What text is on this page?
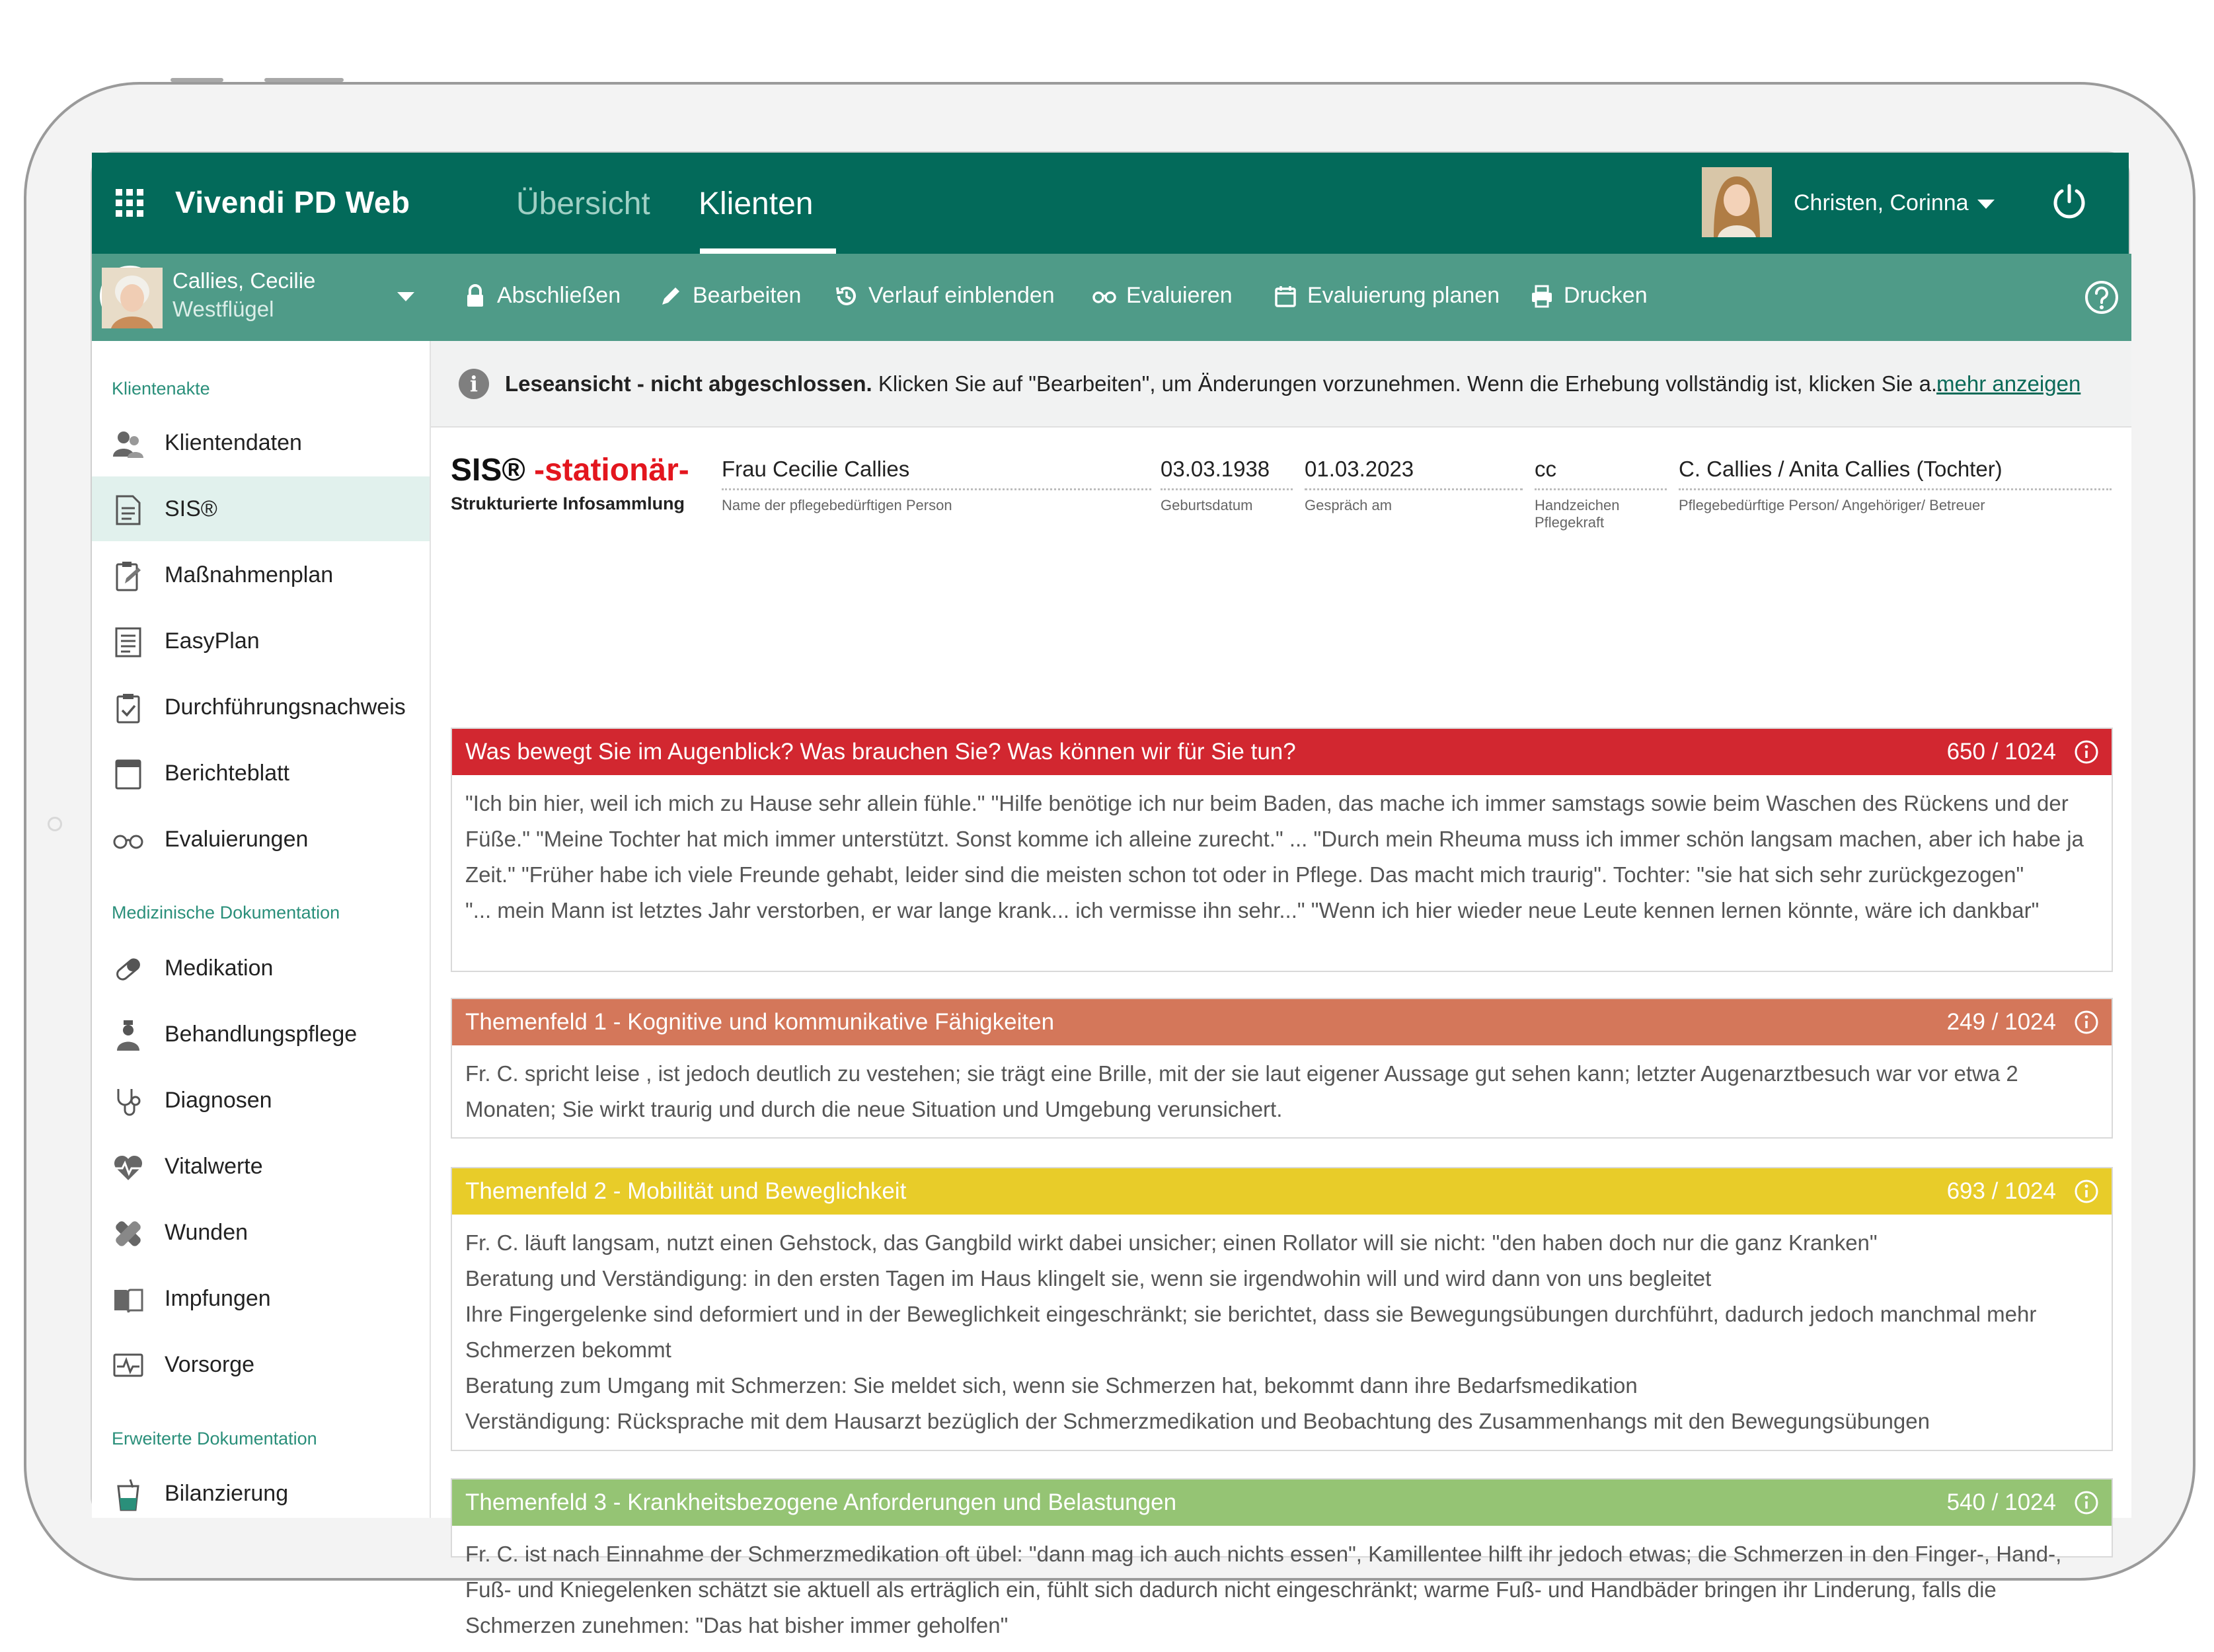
Vivendi PD Web	Übersicht Klienten	Christen, Corinna
Callies, Cecilie
Westflügel
Abschließen	Bearbeiten	Verlauf einblenden	Evaluieren	Evaluierung planen	Drucken
Klientenakte
Klientendaten
SIS®
Maßnahmenplan
EasyPlan
Durchführungsnachweis
Berichteblatt
Evaluierungen
Medizinische Dokumentation
Medikation
Behandlungspflege
Diagnosen
Vitalwerte
Wunden
Impfungen
Vorsorge
Erweiterte Dokumentation
Bilanzierung
i	Leseansicht - nicht abgeschlossen. Klicken Sie auf "Bearbeiten", um Änderungen vorzunehmen. Wenn die Erhebung vollständig ist, klicken Sie a...
mehr anzeigen
SIS® -stationär-
Strukturierte Infosammlung
Frau Cecilie Callies
Name der pflegebedürftigen Person
03.03.1938
Geburtsdatum
01.03.2023
Gespräch am
cc
Handzeichen Pflegekraft
C. Callies / Anita Callies (Tochter)
Pflegebedürftige Person/ Angehöriger/ Betreuer
Was bewegt Sie im Augenblick? Was brauchen Sie? Was können wir für Sie tun?	650 / 1024

"Ich bin hier, weil ich mich zu Hause sehr allein fühle." "Hilfe benötige ich nur beim Baden, das mache ich immer samstags sowie beim Waschen des Rückens und der Füße." "Meine Tochter hat mich immer unterstützt. Sonst komme ich alleine zurecht." ... "Durch mein Rheuma muss ich immer schön langsam machen, aber ich habe ja Zeit." "Früher habe ich viele Freunde gehabt, leider sind die meisten schon tot oder in Pflege. Das macht mich traurig". Tochter: "sie hat sich sehr zurückgezogen"

"... mein Mann ist letztes Jahr verstorben, er war lange krank... ich vermisse ihn sehr..." "Wenn ich hier wieder neue Leute kennen lernen könnte, wäre ich dankbar"

Themenfeld 1 - Kognitive und kommunikative Fähigkeiten	249 / 1024

Fr. C. spricht leise , ist jedoch deutlich zu vestehen; sie trägt eine Brille, mit der sie laut eigener Aussage gut sehen kann; letzter Augenarztbesuch war vor etwa 2 Monaten; Sie wirkt traurig und durch die neue Situation und Umgebung verunsichert.

Themenfeld 2 - Mobilität und Beweglichkeit	693 / 1024

Fr. C. läuft langsam, nutzt einen Gehstock, das Gangbild wirkt dabei unsicher; einen Rollator will sie nicht: "den haben doch nur die ganz Kranken"

Beratung und Verständigung: in den ersten Tagen im Haus klingelt sie, wenn sie irgendwohin will und wird dann von uns begleitet

Ihre Fingergelenke sind deformiert und in der Beweglichkeit eingeschränkt; sie berichtet, dass sie Bewegungsübungen durchführt, dadurch jedoch manchmal mehr Schmerzen bekommt

Beratung zum Umgang mit Schmerzen: Sie meldet sich, wenn sie Schmerzen hat, bekommt dann ihre Bedarfsmedikation

Verständigung: Rücksprache mit dem Hausarzt bezüglich der Schmerzmedikation und Beobachtung des Zusammenhangs mit den Bewegungsübungen

Themenfeld 3 - Krankheitsbezogene Anforderungen und Belastungen	540 / 1024

Fr. C. ist nach Einnahme der Schmerzmedikation oft übel: "dann mag ich auch nichts essen", Kamillentee hilft ihr jedoch etwas; die Schmerzen in den Finger-, Hand-, Fuß- und Kniegelenken schätzt sie aktuell als erträglich ein, fühlt sich dadurch nicht eingeschränkt; warme Fuß- und Handbäder bringen ihr Linderung, falls die Schmerzen zunehmen: "Das hat bisher immer geholfen"
